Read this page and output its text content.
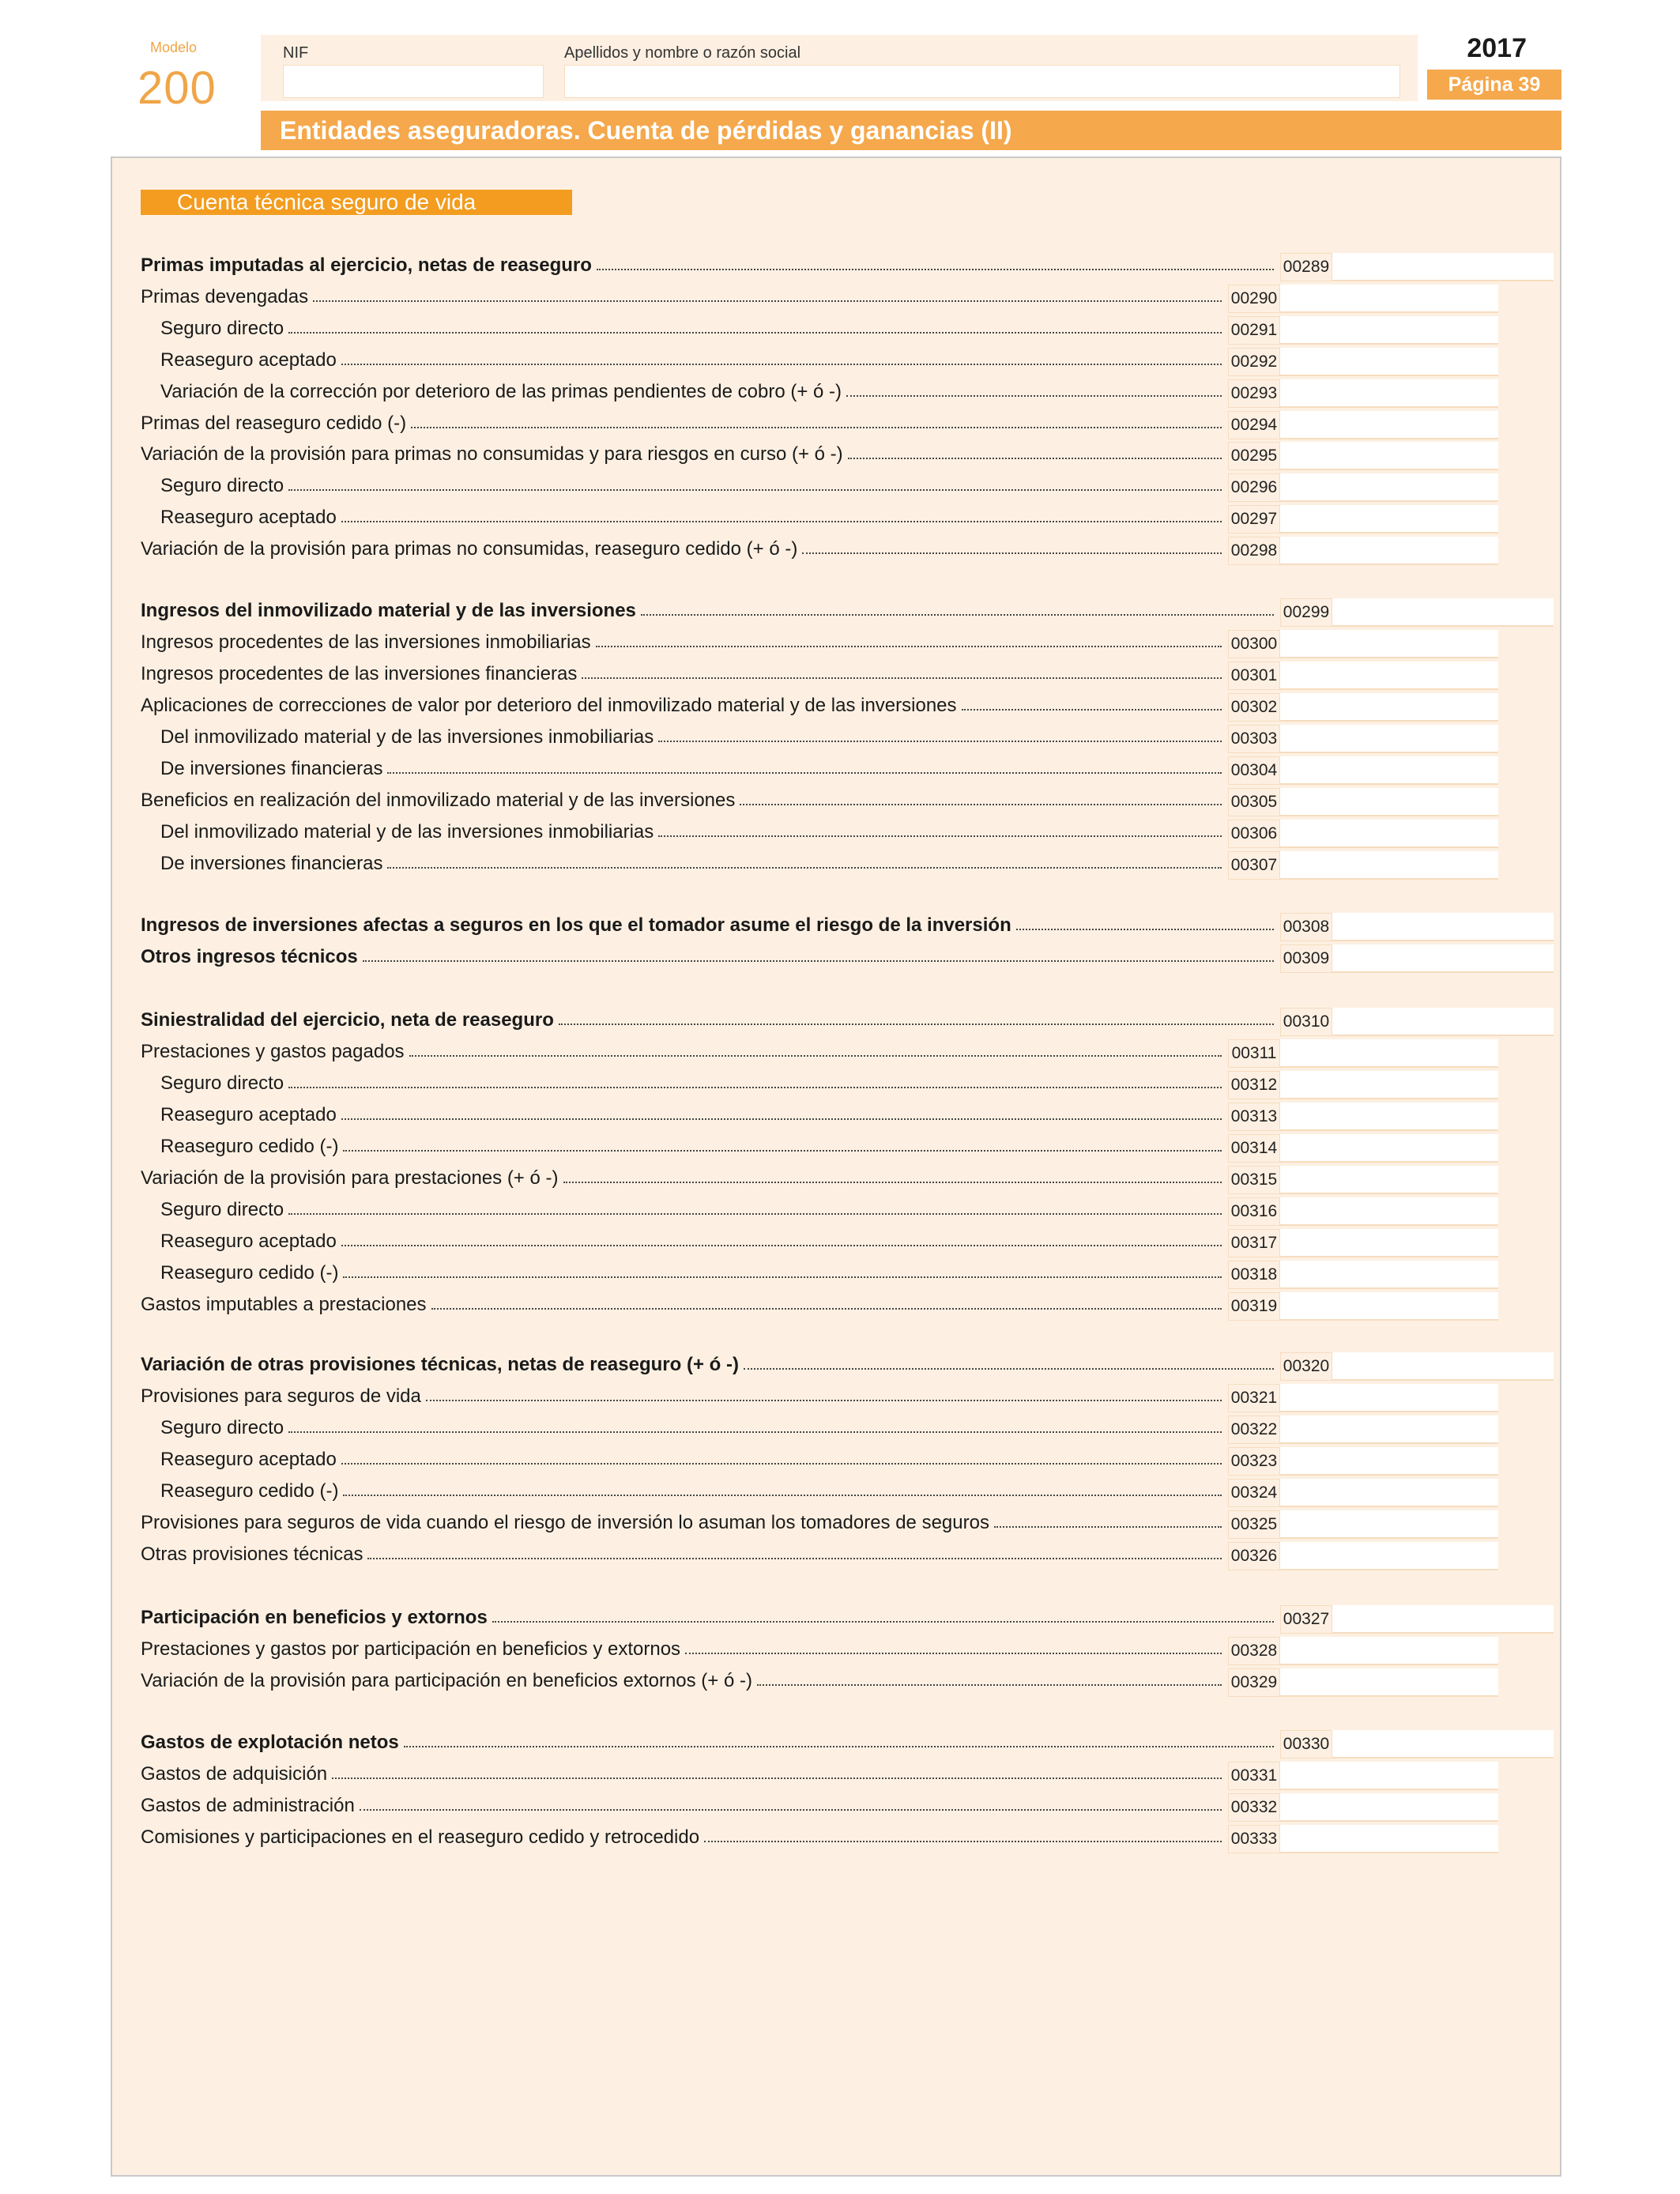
Modelo
200
NIF	Apellidos y nombre o razón social	2017
Página 39
Entidades aseguradoras. Cuenta de pérdidas y ganancias (II)
Cuenta técnica seguro de vida
Primas imputadas al ejercicio, netas de reaseguro	00289
Primas devengadas	00290
Seguro directo	00291
Reaseguro aceptado	00292
Variación de la corrección por deterioro de las primas pendientes de cobro (+ ó -)	00293
Primas del reaseguro cedido (-)	00294
Variación de la provisión para primas no consumidas y para riesgos en curso (+ ó -)	00295
Seguro directo	00296
Reaseguro aceptado	00297
Variación de la provisión para primas no consumidas, reaseguro cedido (+ ó -)	00298
Ingresos del inmovilizado material y de las inversiones	00299
Ingresos procedentes de las inversiones inmobiliarias	00300
Ingresos procedentes de las inversiones financieras	00301
Aplicaciones de correcciones de valor por deterioro del inmovilizado material y de las inversiones	00302
Del inmovilizado material y de las inversiones inmobiliarias	00303
De inversiones financieras	00304
Beneficios en realización del inmovilizado material y de las inversiones	00305
Del inmovilizado material y de las inversiones inmobiliarias	00306
De inversiones financieras	00307
Ingresos de inversiones afectas a seguros en los que el tomador asume el riesgo de la inversión	00308
Otros ingresos técnicos	00309
Siniestralidad del ejercicio, neta de reaseguro	00310
Prestaciones y gastos pagados	00311
Seguro directo	00312
Reaseguro aceptado	00313
Reaseguro cedido (-)	00314
Variación de la provisión para prestaciones (+ ó -)	00315
Seguro directo	00316
Reaseguro aceptado	00317
Reaseguro cedido (-)	00318
Gastos imputables a prestaciones	00319
Variación de otras provisiones técnicas, netas de reaseguro (+ ó -)	00320
Provisiones para seguros de vida	00321
Seguro directo	00322
Reaseguro aceptado	00323
Reaseguro cedido (-)	00324
Provisiones para seguros de vida cuando el riesgo de inversión lo asuman los tomadores de seguros	00325
Otras provisiones técnicas	00326
Participación en beneficios y extornos	00327
Prestaciones y gastos por participación en beneficios y extornos	00328
Variación de la provisión para participación en beneficios extornos (+ ó -)	00329
Gastos de explotación netos	00330
Gastos de adquisición	00331
Gastos de administración	00332
Comisiones y participaciones en el reaseguro cedido y retrocedido	00333
